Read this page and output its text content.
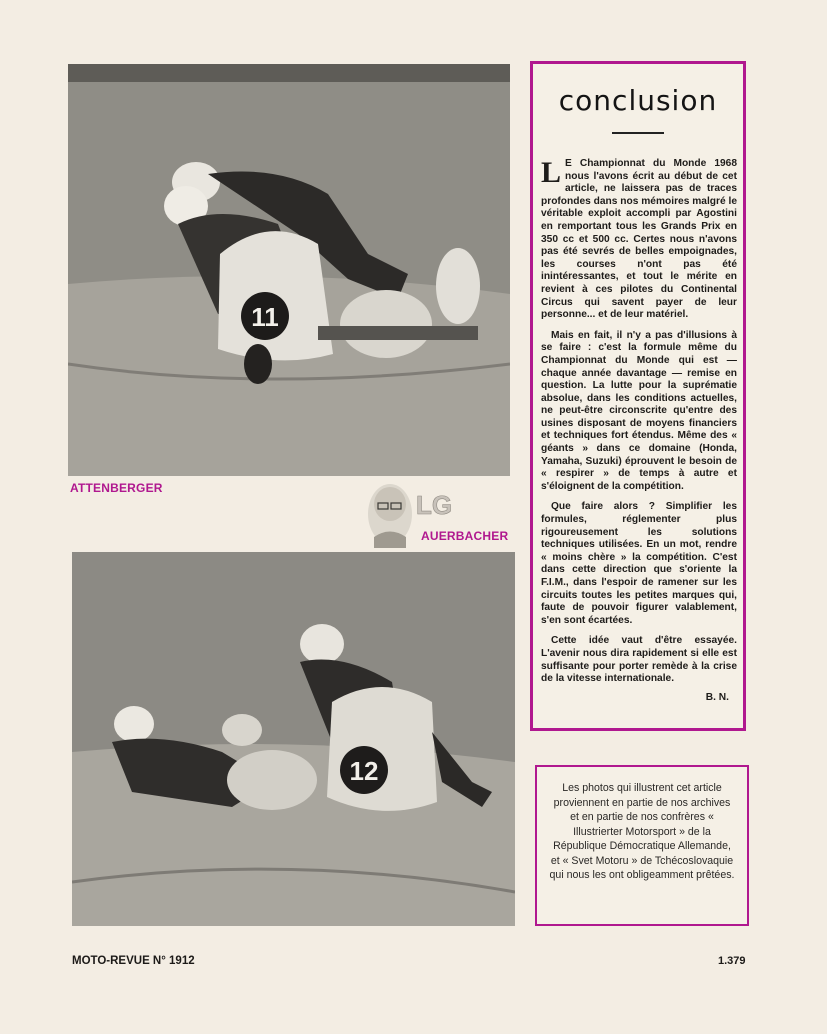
11
ATTENBERGER
LG
AUERBACHER
12
conclusion

L E Championnat du Monde 1968 nous l'avons écrit au début de cet article, ne laissera pas de traces profondes dans nos mémoires malgré le véritable exploit accompli par Agostini en remportant tous les Grands Prix en 350 cc et 500 cc. Certes nous n'avons pas été sevrés de belles empoignades, les courses n'ont pas été inintéressantes, et tout le mérite en revient à ces pilotes du Continental Circus qui savent payer de leur personne... et de leur matériel.

Mais en fait, il n'y a pas d'illusions à se faire : c'est la formule même du Championnat du Monde qui est — chaque année davantage — remise en question. La lutte pour la suprématie absolue, dans les conditions actuelles, ne peut-être circonscrite qu'entre des usines disposant de moyens financiers et techniques fort étendus. Même des « géants » dans ce domaine (Honda, Yamaha, Suzuki) éprouvent le besoin de « respirer » de temps à autre et s'éloignent de la compétition.

Que faire alors ? Simplifier les formules, réglementer plus rigoureusement les solutions techniques utilisées. En un mot, rendre « moins chère » la compétition. C'est dans cette direction que s'oriente la F.I.M., dans l'espoir de ramener sur les circuits toutes les petites marques qui, faute de pouvoir figurer valablement, s'en sont écartées.

Cette idée vaut d'être essayée. L'avenir nous dira rapidement si elle est suffisante pour porter remède à la crise de la vitesse internationale.

B. N.
Les photos qui illustrent cet article proviennent en partie de nos archives et en partie de nos confrères « Illustrierter Motorsport » de la République Démocratique Allemande, et « Svet Motoru » de Tchécoslovaquie qui nous les ont obligeamment prêtées.
MOTO-REVUE N° 1912	1.379
